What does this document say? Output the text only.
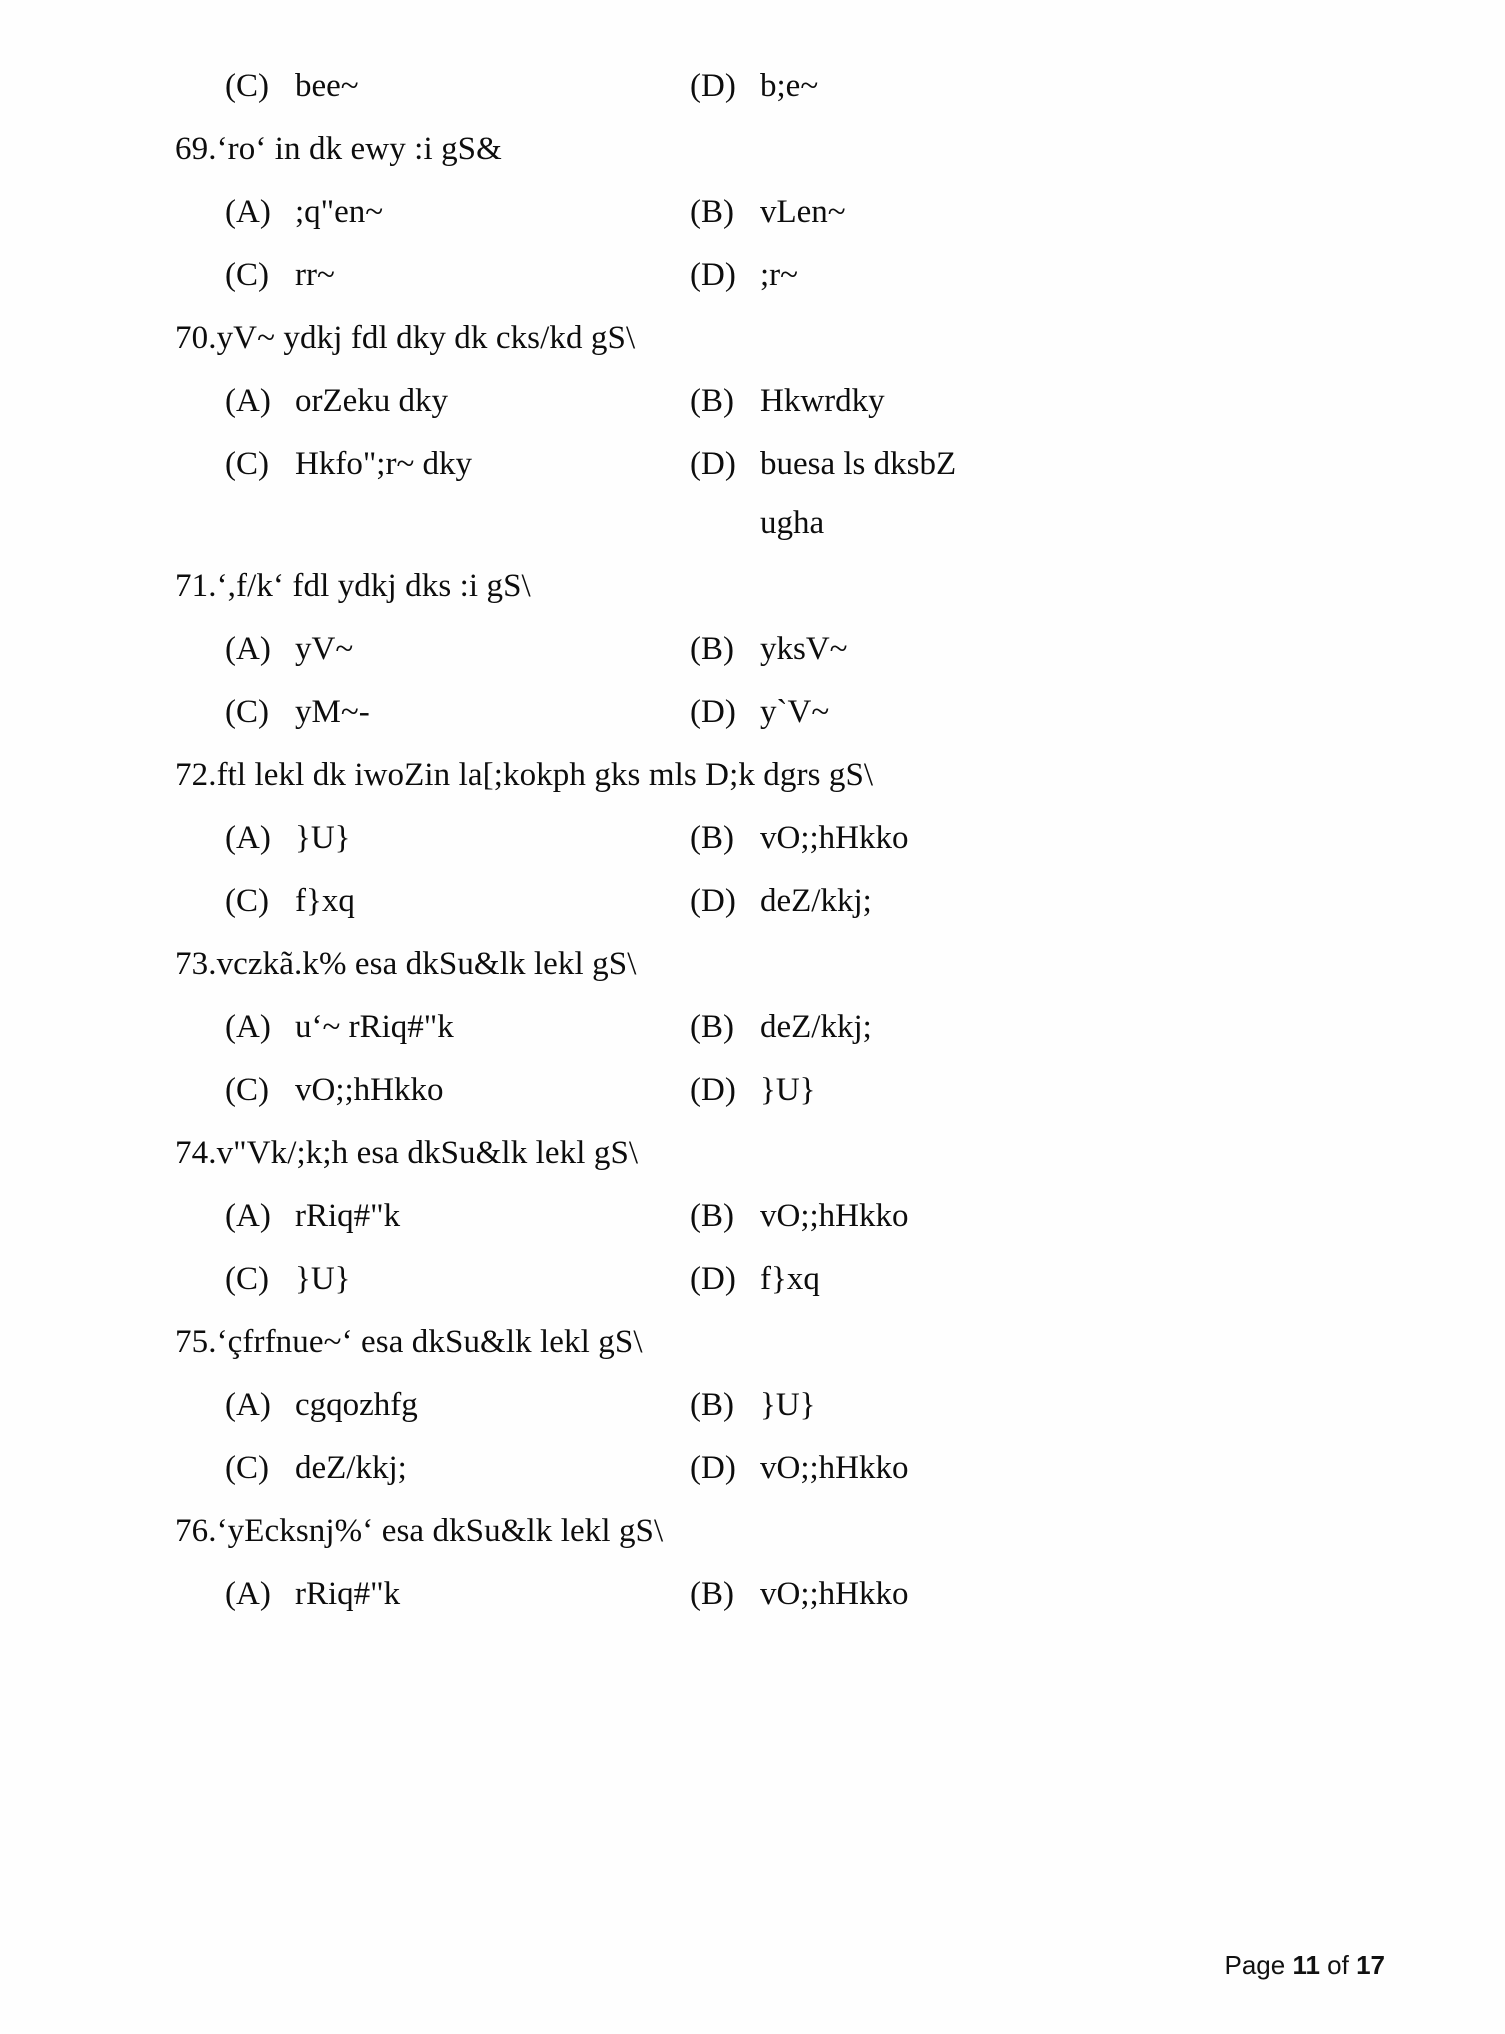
(C) bee~	(D) b;e~
69. ʻroʻ in dk ewy :i gS&
(A) ;q"en~	(B) vLen~
(C) rr~	(D) ;r~
70. yV~ ydkj fdl dky dk cks/kd gS\
(A) orZeku dky	(B) Hkwrdky
(C) Hkfo";r~ dky	(D) buesa ls dksbZ
ugha
71. ʻ,f/kʻ fdl ydkj dks :i gS\
(A) yV~	(B) yksV~
(C) yM~-	(D) y`V~
72. ftl lekl dk iwoZin la[;kokph gks mls D;k dgrs gS\
(A) }U}	(B) vO;;hHkko
(C) f}xq	(D) deZ/kkj;
73. vczkã.k% esa dkSu&lk lekl gS\
(A) uʻ~ rRiq#"k	(B) deZ/kkj;
(C) vO;;hHkko	(D) }U}
74. v"Vk/;k;h esa dkSu&lk lekl gS\
(A) rRiq#"k	(B) vO;;hHkko
(C) }U}	(D) f}xq
75. ʻçfrfnue~ʻ esa dkSu&lk lekl gS\
(A) cgqozhfg	(B) }U}
(C) deZ/kkj;	(D) vO;;hHkko
76. ʻyEcksnj%ʻ esa dkSu&lk lekl gS\
(A) rRiq#"k	(B) vO;;hHkko

Page 11 of 17
